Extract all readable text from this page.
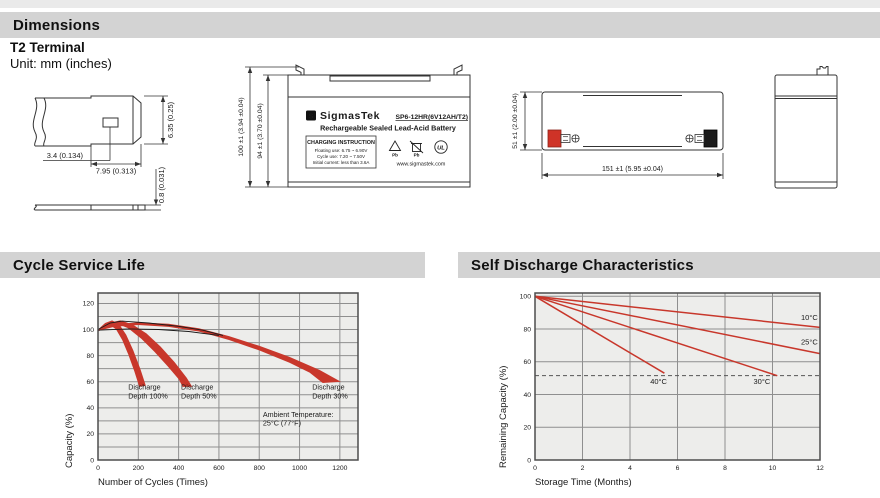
Dimensions
T2 Terminal
Unit: mm (inches)
3.4 (0.134)
7.95 (0.313)
6.35 (0.25)
0.8 (0.031)
100 ±1 (3.94 ±0.04) 94 ±1 (3.70 ±0.04)	S SigmasTek SP6-12HR(6V12AH/T2)
Rechargeable Sealed Lead-Acid Battery
CHARGING INSTRUCTION
Floating use: 6.75 ~ 6.90V
Cycle use: 7.20 ~ 7.50V
Initial current: less than 3.6A
Pb	Pb
UL
www.sigmastek.com
51 ±1 (2.00 ±0.04)
151 ±1 (5.95 ±0.04)
Cycle Service Life	Self Discharge Characteristics
0	200	400	600	800	1000	1200
0
20
40
60
80
100
120
Discharge
Depth 100%
Discharge
Depth 50%
Discharge
Depth 30%
Ambient Temperature:
25°C (77°F)
Number of Cycles (Times)
Capacity (%)
10°C
25°C
30°C
40°C
0	2	4	6	8	10	12
0
20
40
60
80
100
Storage Time (Months)
Remaining Capacity (%)
